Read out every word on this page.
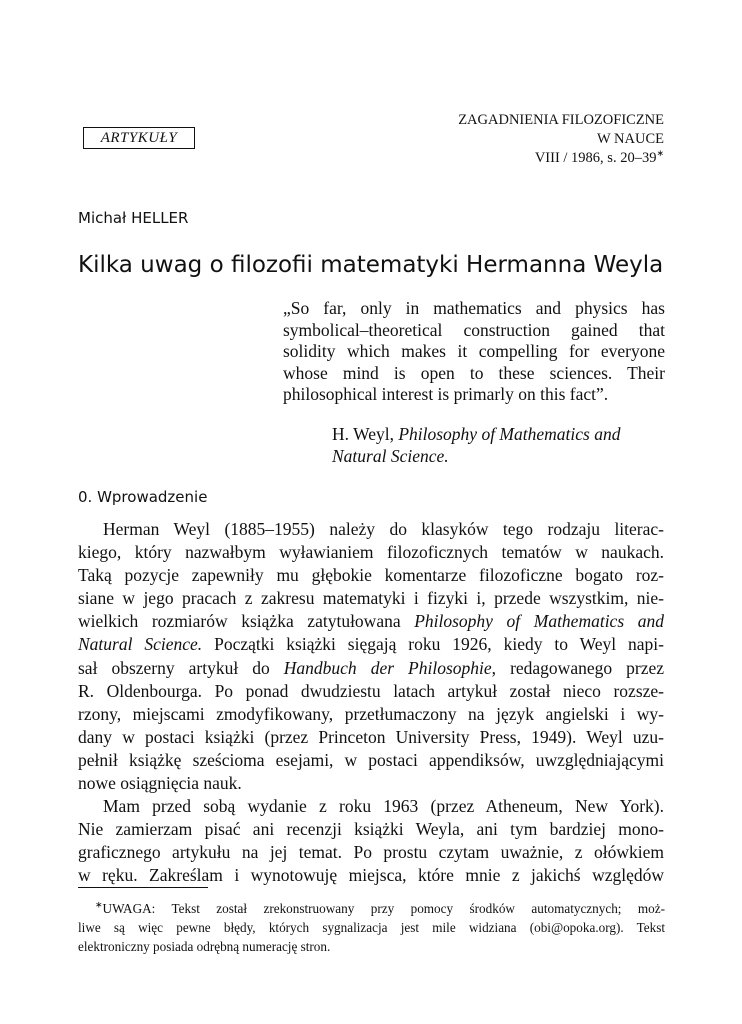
ARTYKUŁY
ZAGADNIENIA FILOZOFICZNE
W NAUCE
VIII / 1986, s. 20–39∗
Michał HELLER
Kilka uwag o filozofii matematyki Hermanna Weyla
„So far, only in mathematics and physics has
symbolical–theoretical construction gained that
solidity which makes it compelling for everyone
whose mind is open to these sciences. Their
philosophical interest is primarly on this fact”.
H. Weyl, Philosophy of Mathematics and
Natural Science.
0. Wprowadzenie
Herman Weyl (1885–1955) należy do klasyków tego rodzaju literac-
kiego, który nazwałbym wyławianiem filozoficznych tematów w naukach.
Taką pozycje zapewniły mu głębokie komentarze filozoficzne bogato roz-
siane w jego pracach z zakresu matematyki i fizyki i, przede wszystkim, nie-
wielkich rozmiarów książka zatytułowana Philosophy of Mathematics and
Natural Science. Początki książki sięgają roku 1926, kiedy to Weyl napi-
sał obszerny artykuł do Handbuch der Philosophie, redagowanego przez
R. Oldenbourga. Po ponad dwudziestu latach artykuł został nieco rozsze-
rzony, miejscami zmodyfikowany, przetłumaczony na język angielski i wy-
dany w postaci książki (przez Princeton University Press, 1949). Weyl uzu-
pełnił książkę sześcioma esejami, w postaci appendiksów, uwzględniającymi
nowe osiągnięcia nauk.
Mam przed sobą wydanie z roku 1963 (przez Atheneum, New York).
Nie zamierzam pisać ani recenzji książki Weyla, ani tym bardziej mono-
graficznego artykułu na jej temat. Po prostu czytam uważnie, z ołówkiem
w ręku. Zakreślam i wynotowuję miejsca, które mnie z jakichś względów
∗UWAGA: Tekst został zrekonstruowany przy pomocy środków automatycznych; moż-
liwe są więc pewne błędy, których sygnalizacja jest mile widziana (obi@opoka.org). Tekst
elektroniczny posiada odrębną numerację stron.
